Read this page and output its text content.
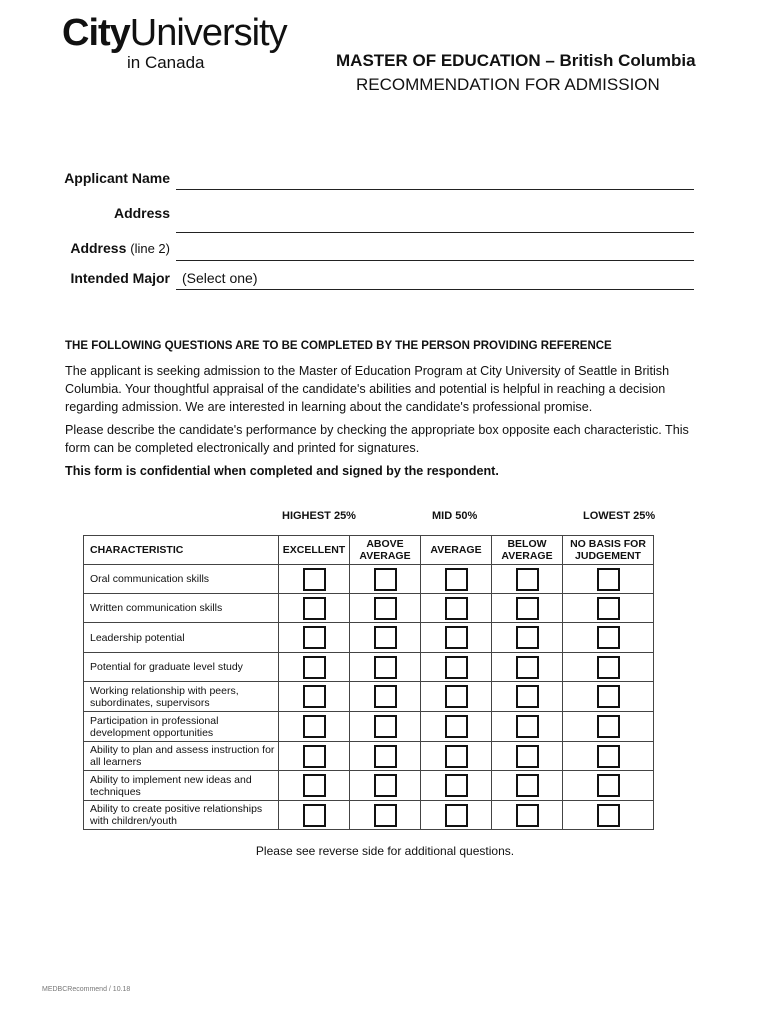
CityUniversity
in Canada	MASTER OF EDUCATION – British Columbia
RECOMMENDATION FOR ADMISSION
Applicant Name
Address
Address (line 2)
Intended Major (Select one)
THE FOLLOWING QUESTIONS ARE TO BE COMPLETED BY THE PERSON PROVIDING REFERENCE
The applicant is seeking admission to the Master of Education Program at City University of Seattle in British Columbia. Your thoughtful appraisal of the candidate's abilities and potential is helpful in reaching a decision regarding admission. We are interested in learning about the candidate's professional promise.
Please describe the candidate's performance by checking the appropriate box opposite each characteristic. This form can be completed electronically and printed for signatures.
This form is confidential when completed and signed by the respondent.
HIGHEST 25%	MID 50%	LOWEST 25%
CHARACTERISTIC	EXCELLENT	ABOVE AVERAGE	AVERAGE	BELOW AVERAGE	NO BASIS FOR JUDGEMENT
Oral communication skills	

Written communication skills	

Leadership potential	

Potential for graduate level study	

Working relationship with peers, subordinates, supervisors	

Participation in professional development opportunities	

Ability to plan and assess instruction for all learners	

Ability to implement new ideas and techniques	

Ability to create positive relationships with children/youth	

Please see reverse side for additional questions.
MEDBCRecommend / 10.18
